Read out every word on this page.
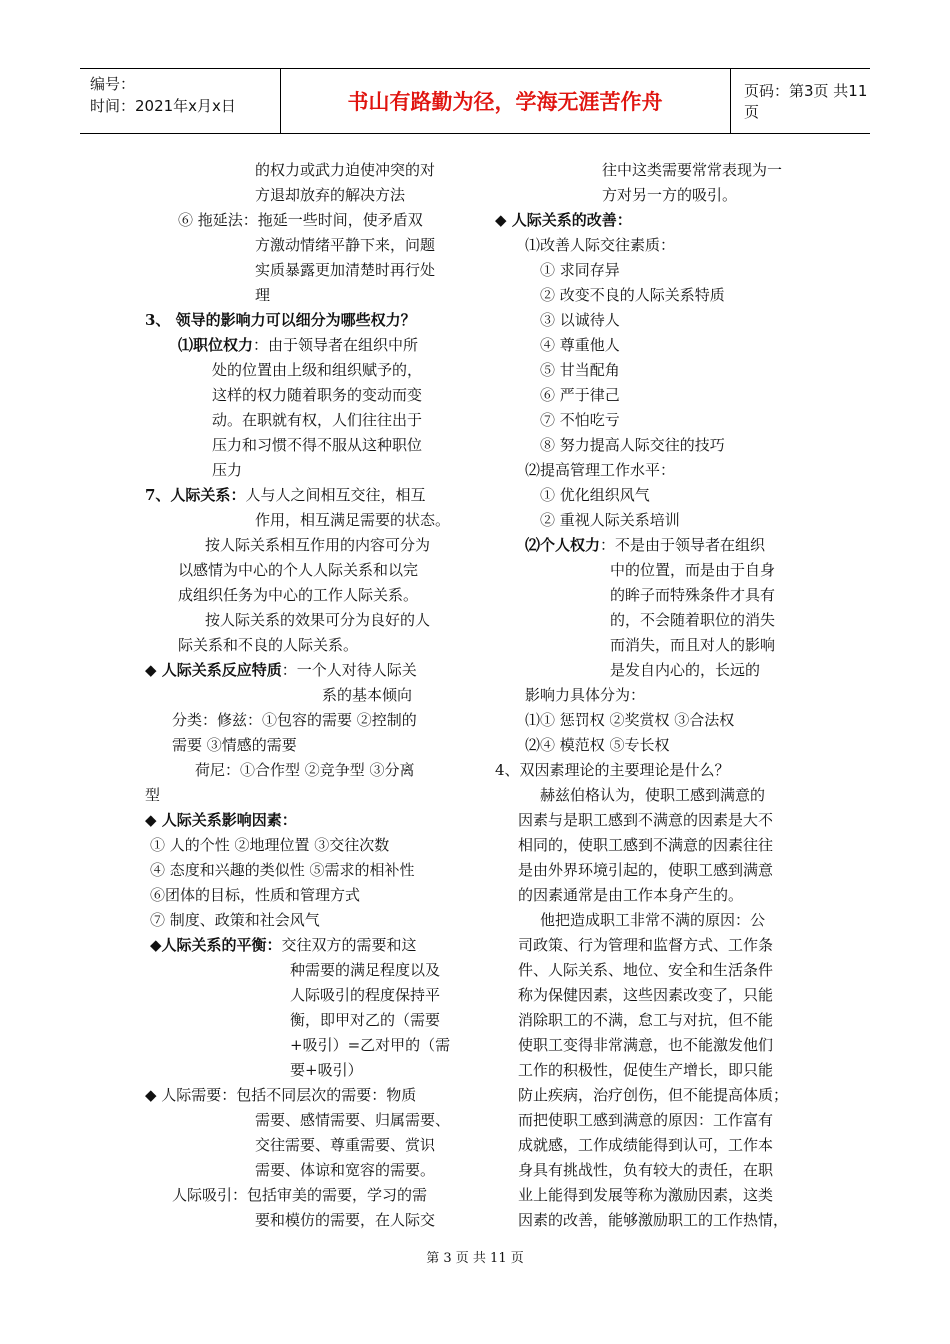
编号：
时间：2021年x月x日	书山有路勤为径，学海无涯苦作舟	页码：第3页 共11页

的权力或武力迫使冲突的对

方退却放弃的解决方法

⑥ 拖延法：拖延一些时间，使矛盾双

方激动情绪平静下来，问题

实质暴露更加清楚时再行处

理

3、 领导的影响力可以细分为哪些权力？

⑴职位权力：由于领导者在组织中所

处的位置由上级和组织赋予的，

这样的权力随着职务的变动而变

动。在职就有权，人们往往出于

压力和习惯不得不服从这种职位

压力

7、人际关系：人与人之间相互交往，相互

作用，相互满足需要的状态。

按人际关系相互作用的内容可分为

以感情为中心的个人人际关系和以完

成组织任务为中心的工作人际关系。

按人际关系的效果可分为良好的人

际关系和不良的人际关系。

◆ 人际关系反应特质：一个人对待人际关

系的基本倾向

分类：修兹：①包容的需要 ②控制的

需要 ③情感的需要

荷尼：①合作型 ②竞争型 ③分离

型

◆ 人际关系影响因素：

① 人的个性 ②地理位置 ③交往次数

④ 态度和兴趣的类似性 ⑤需求的相补性

⑥团体的目标，性质和管理方式

⑦ 制度、政策和社会风气

◆人际关系的平衡：交往双方的需要和这

种需要的满足程度以及

人际吸引的程度保持平

衡，即甲对乙的（需要

+吸引）=乙对甲的（需

要+吸引）

◆ 人际需要：包括不同层次的需要：物质

需要、感情需要、归属需要、

交往需要、尊重需要、赏识

需要、体谅和宽容的需要。

人际吸引：包括审美的需要，学习的需

要和模仿的需要，在人际交

往中这类需要常常表现为一

方对另一方的吸引。

◆ 人际关系的改善：

⑴改善人际交往素质：

① 求同存异

② 改变不良的人际关系特质

③ 以诚待人

④ 尊重他人

⑤ 甘当配角

⑥ 严于律己

⑦ 不怕吃亏

⑧ 努力提高人际交往的技巧

⑵提高管理工作水平：

① 优化组织风气

② 重视人际关系培训

⑵个人权力：不是由于领导者在组织

中的位置，而是由于自身

的眸子而特殊条件才具有

的，不会随着职位的消失

而消失，而且对人的影响

是发自内心的，长远的

影响力具体分为：

⑴① 惩罚权 ②奖赏权 ③合法权

⑵④ 模范权 ⑤专长权

4、双因素理论的主要理论是什么？

赫兹伯格认为，使职工感到满意的

因素与是职工感到不满意的因素是大不

相同的，使职工感到不满意的因素往往

是由外界环境引起的，使职工感到满意

的因素通常是由工作本身产生的。

他把造成职工非常不满的原因：公

司政策、行为管理和监督方式、工作条

件、人际关系、地位、安全和生活条件

称为保健因素，这些因素改变了，只能

消除职工的不满，怠工与对抗，但不能

使职工变得非常满意，也不能激发他们

工作的积极性，促使生产增长，即只能

防止疾病，治疗创伤，但不能提高体质；

而把使职工感到满意的原因：工作富有

成就感，工作成绩能得到认可，工作本

身具有挑战性，负有较大的责任，在职

业上能得到发展等称为激励因素，这类

因素的改善，能够激励职工的工作热情，

第 3 页 共 11 页
